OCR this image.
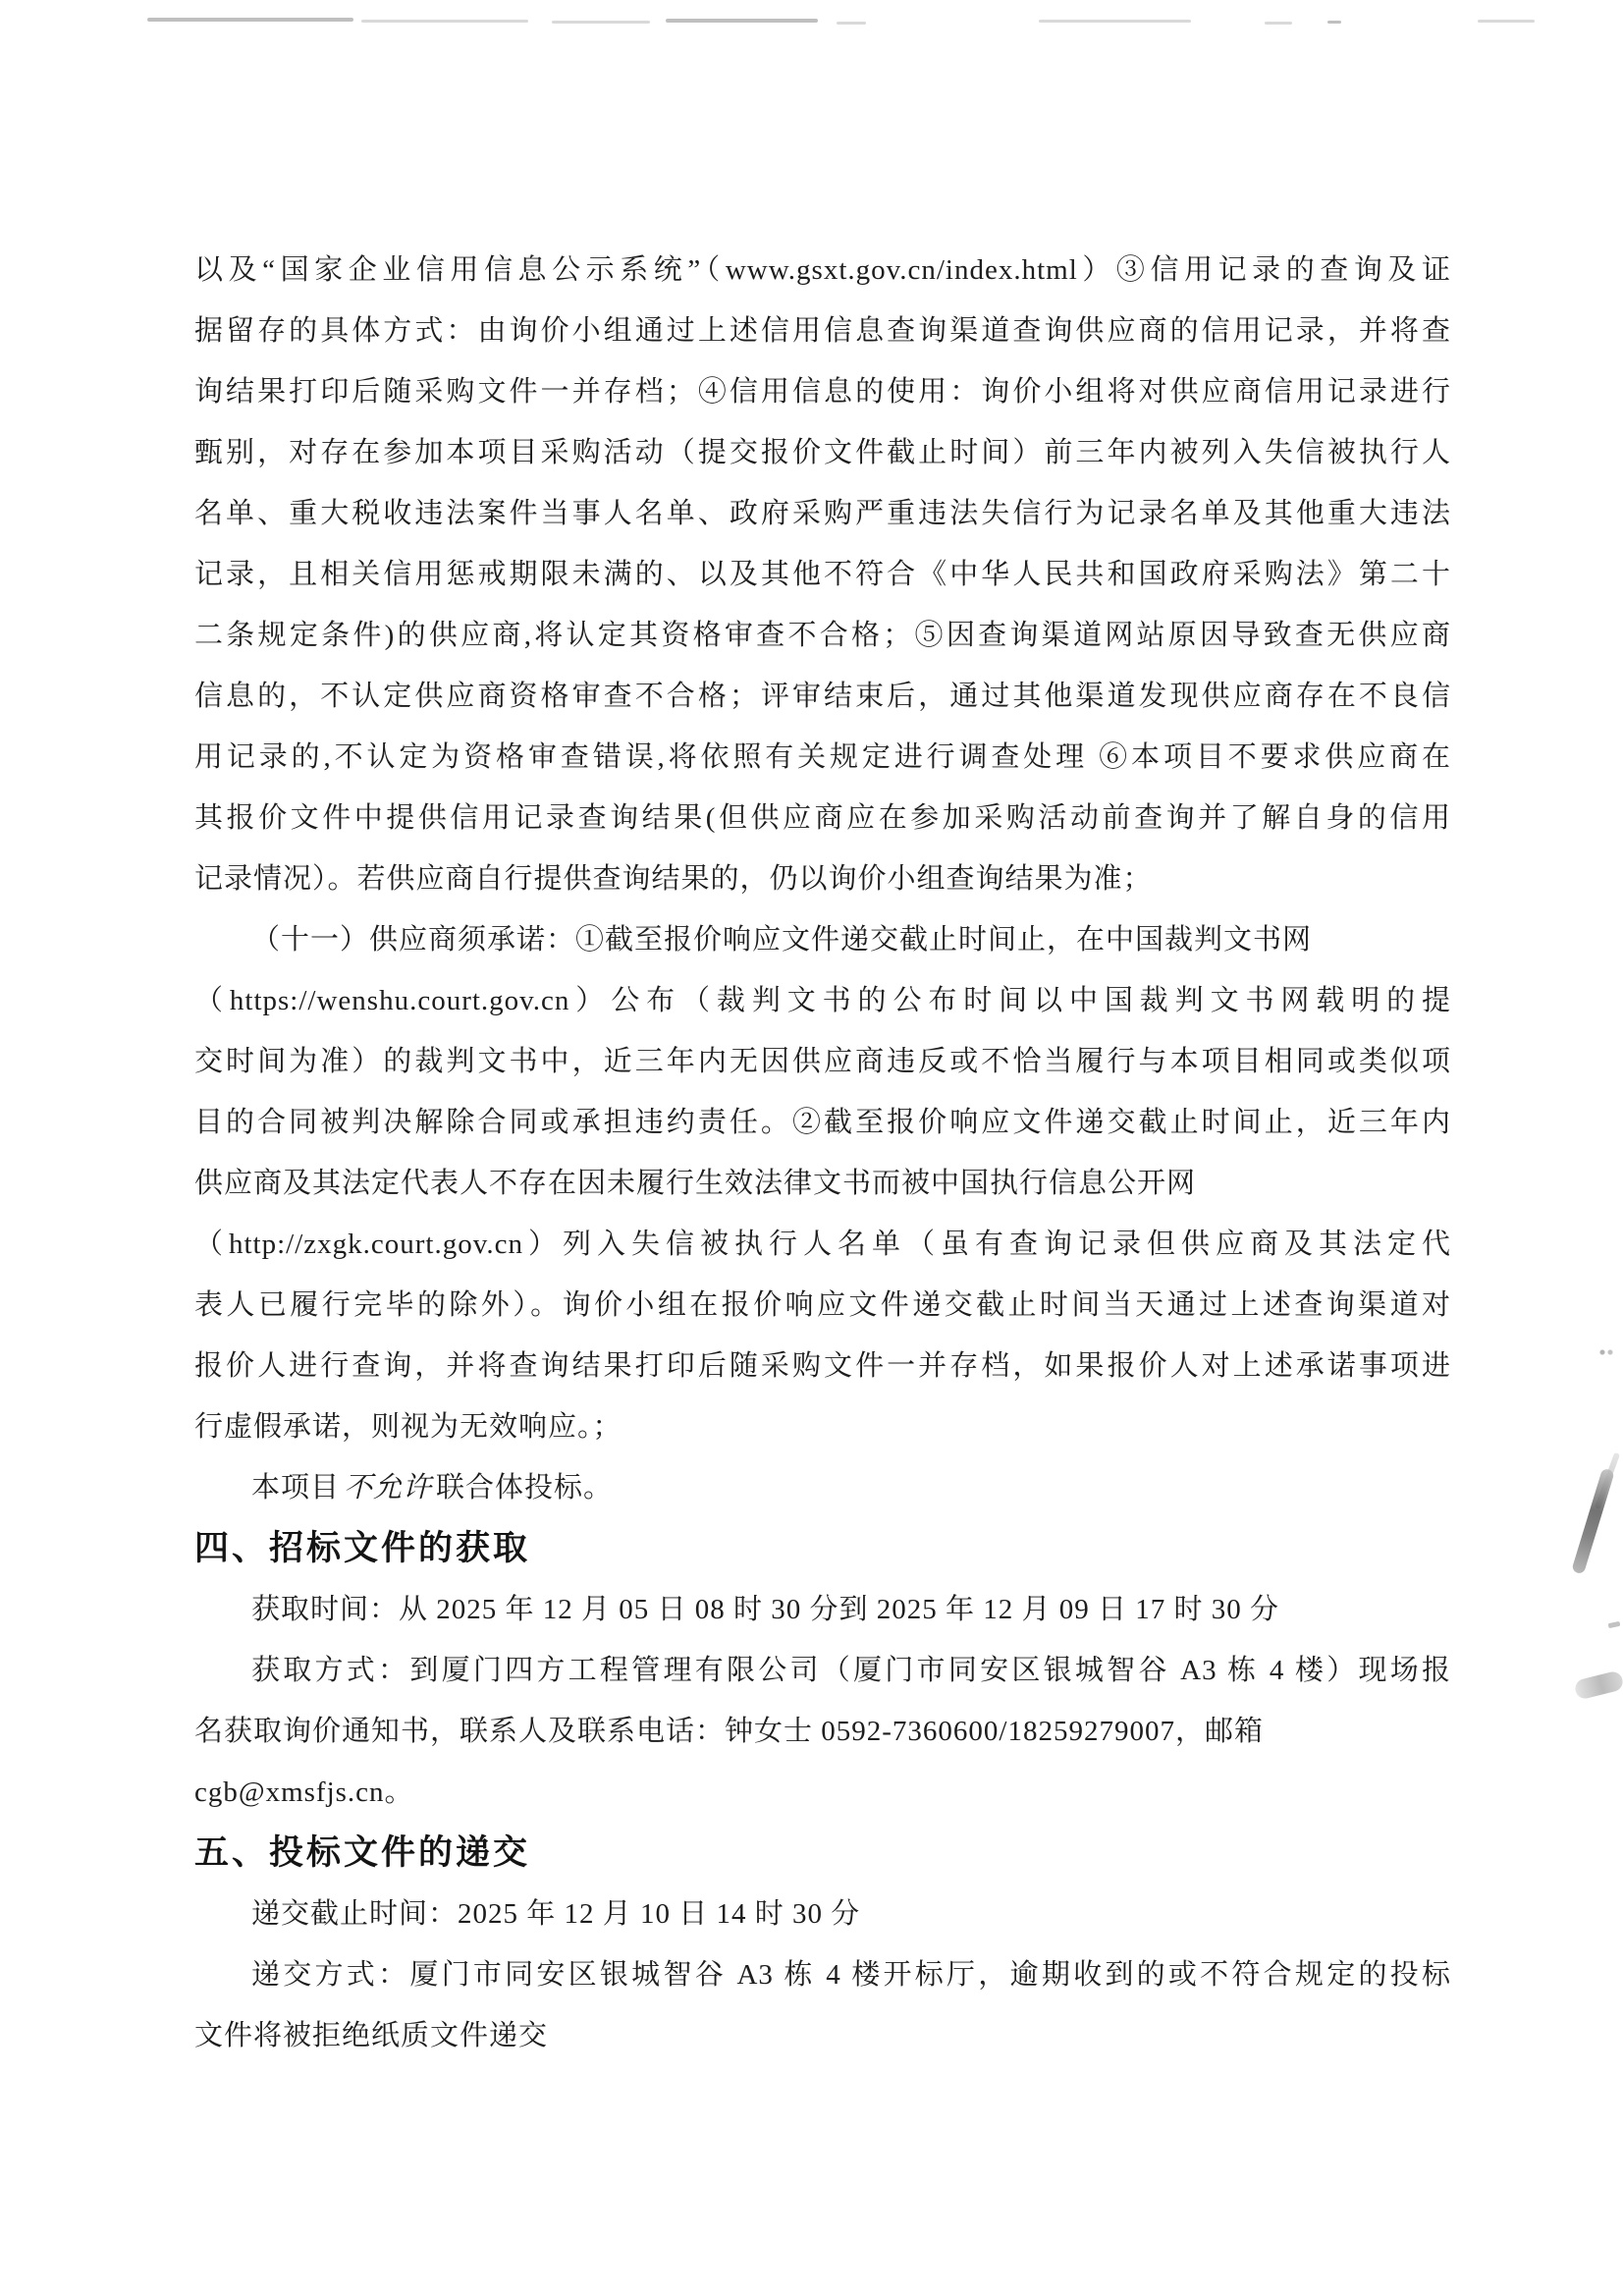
以及“国家企业信用信息公示系统”（www.gsxt.gov.cn/index.html）③信用记录的查询及证
据留存的具体方式：由询价小组通过上述信用信息查询渠道查询供应商的信用记录，并将查
询结果打印后随采购文件一并存档；④信用信息的使用：询价小组将对供应商信用记录进行
甄别，对存在参加本项目采购活动（提交报价文件截止时间）前三年内被列入失信被执行人
名单、重大税收违法案件当事人名单、政府采购严重违法失信行为记录名单及其他重大违法
记录，且相关信用惩戒期限未满的、以及其他不符合《中华人民共和国政府采购法》第二十
二条规定条件)的供应商,将认定其资格审查不合格；⑤因查询渠道网站原因导致查无供应商
信息的，不认定供应商资格审查不合格；评审结束后，通过其他渠道发现供应商存在不良信
用记录的,不认定为资格审查错误,将依照有关规定进行调查处理 ⑥本项目不要求供应商在
其报价文件中提供信用记录查询结果(但供应商应在参加采购活动前查询并了解自身的信用
记录情况）。若供应商自行提供查询结果的，仍以询价小组查询结果为准；
（十一）供应商须承诺：①截至报价响应文件递交截止时间止，在中国裁判文书网
（https://wenshu.court.gov.cn）公布（裁判文书的公布时间以中国裁判文书网载明的提
交时间为准）的裁判文书中，近三年内无因供应商违反或不恰当履行与本项目相同或类似项
目的合同被判决解除合同或承担违约责任。②截至报价响应文件递交截止时间止，近三年内
供应商及其法定代表人不存在因未履行生效法律文书而被中国执行信息公开网
（http://zxgk.court.gov.cn）列入失信被执行人名单（虽有查询记录但供应商及其法定代
表人已履行完毕的除外）。询价小组在报价响应文件递交截止时间当天通过上述查询渠道对
报价人进行查询，并将查询结果打印后随采购文件一并存档，如果报价人对上述承诺事项进
行虚假承诺，则视为无效响应。；
本项目 不允许 联合体投标。
四、招标文件的获取
获取时间：从 2025 年 12 月 05 日 08 时 30 分到 2025 年 12 月 09 日 17 时 30 分
获取方式：到厦门四方工程管理有限公司（厦门市同安区银城智谷 A3 栋 4 楼）现场报
名获取询价通知书，联系人及联系电话：钟女士 0592-7360600/18259279007，邮箱
cgb@xmsfjs.cn。
五、投标文件的递交
递交截止时间：2025 年 12 月 10 日 14 时 30 分
递交方式：厦门市同安区银城智谷 A3 栋 4 楼开标厅，逾期收到的或不符合规定的投标
文件将被拒绝纸质文件递交
